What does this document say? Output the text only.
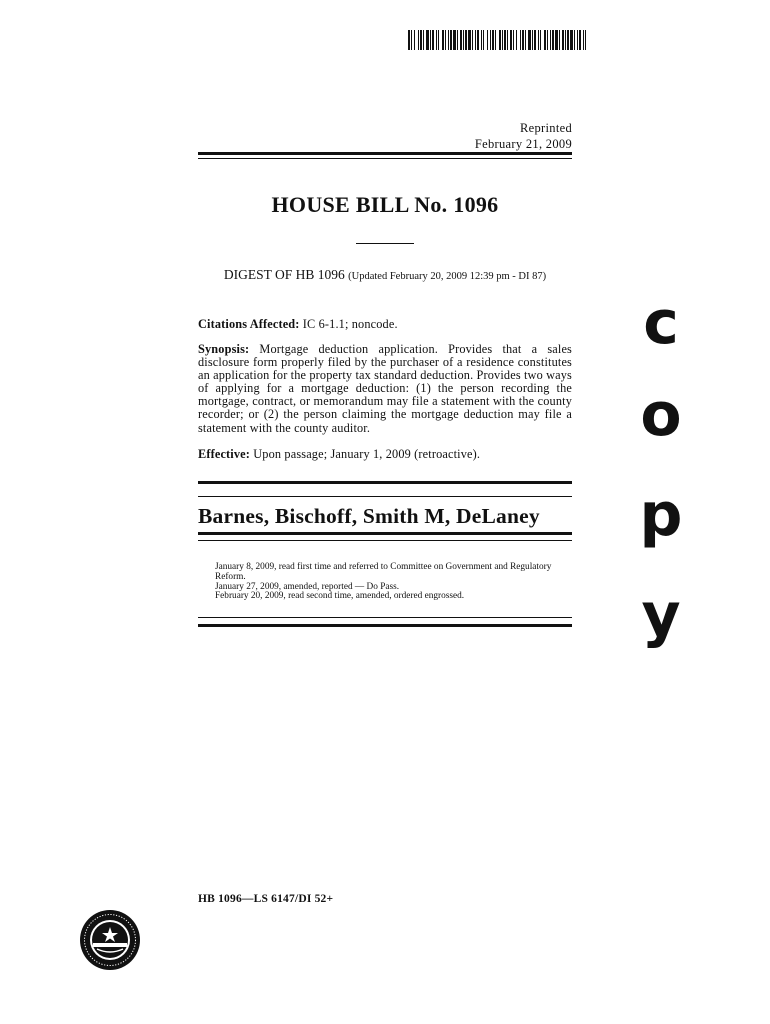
Reprinted
February 21, 2009
HOUSE BILL No. 1096
DIGEST OF HB 1096 (Updated February 20, 2009 12:39 pm - DI 87)
Citations Affected: IC 6-1.1; noncode.
Synopsis: Mortgage deduction application. Provides that a sales disclosure form properly filed by the purchaser of a residence constitutes an application for the property tax standard deduction. Provides two ways of applying for a mortgage deduction: (1) the person recording the mortgage, contract, or memorandum may file a statement with the county recorder; or (2) the person claiming the mortgage deduction may file a statement with the county auditor.
Effective: Upon passage; January 1, 2009 (retroactive).
Barnes, Bischoff, Smith M, DeLaney
January 8, 2009, read first time and referred to Committee on Government and Regulatory Reform.
January 27, 2009, amended, reported — Do Pass.
February 20, 2009, read second time, amended, ordered engrossed.
c
o
p
y
HB 1096—LS 6147/DI 52+
